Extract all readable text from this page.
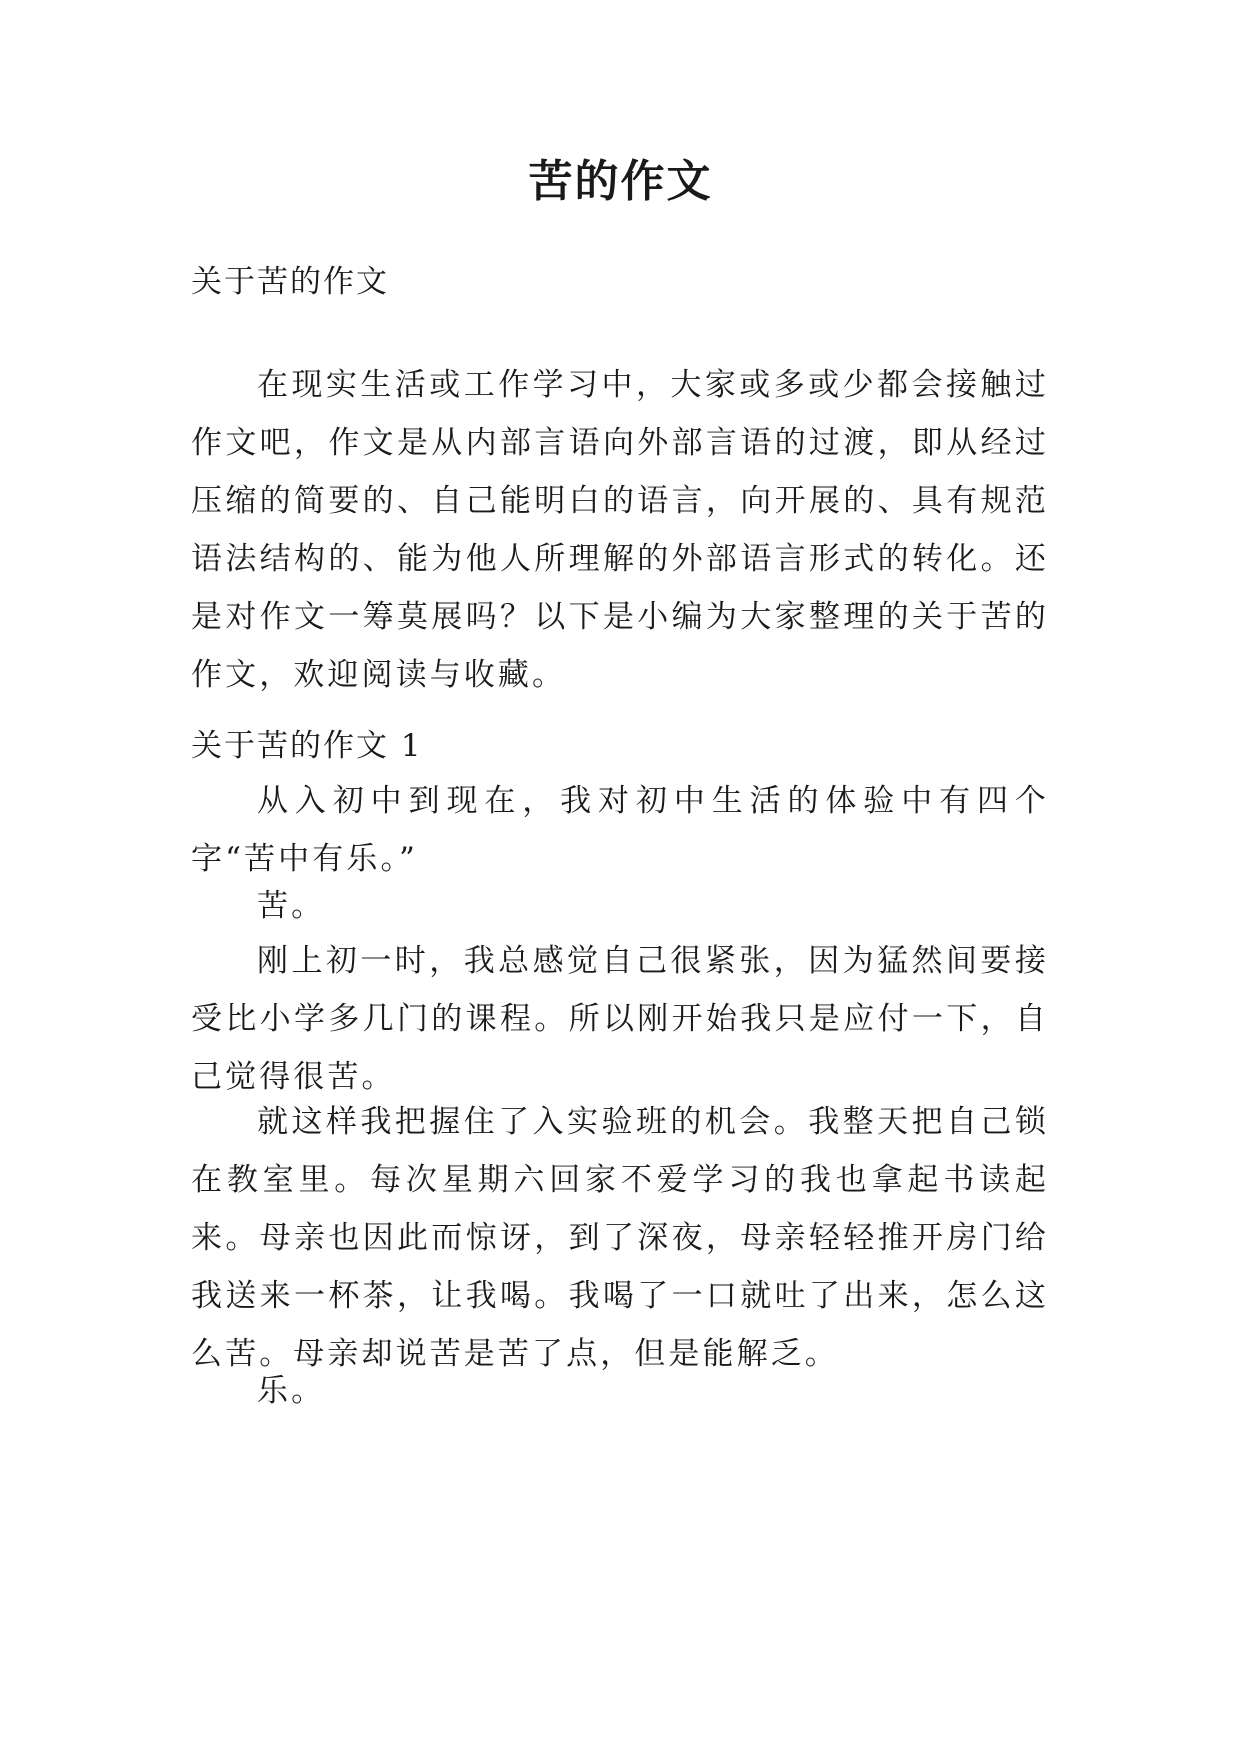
苦的作文

关于苦的作文

在现实生活或工作学习中，大家或多或少都会接触过作文吧，作文是从内部言语向外部言语的过渡，即从经过压缩的简要的、自己能明白的语言，向开展的、具有规范语法结构的、能为他人所理解的外部语言形式的转化。还是对作文一筹莫展吗？以下是小编为大家整理的关于苦的作文，欢迎阅读与收藏。

关于苦的作文 1

从入初中到现在，我对初中生活的体验中有四个字“苦中有乐。”

苦。

刚上初一时，我总感觉自己很紧张，因为猛然间要接受比小学多几门的课程。所以刚开始我只是应付一下，自己觉得很苦。

就这样我把握住了入实验班的机会。我整天把自己锁在教室里。每次星期六回家不爱学习的我也拿起书读起来。母亲也因此而惊讶，到了深夜，母亲轻轻推开房门给我送来一杯茶，让我喝。我喝了一口就吐了出来，怎么这么苦。母亲却说苦是苦了点，但是能解乏。

乐。
